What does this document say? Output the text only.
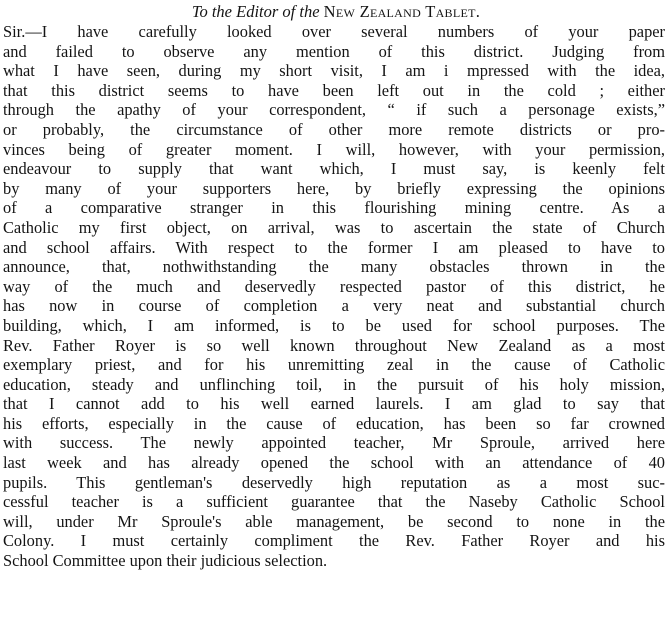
To the Editor of the New Zealand Tablet.
Sir.—I have carefully looked over several numbers of your paper
and failed to observe any mention of this district. Judging from
what I have seen, during my short visit, I am i mpressed with the idea,
that this district seems to have been left out in the cold ; either
through the apathy of your correspondent, “ if such a personage exists,”
or probably, the circumstance of other more remote districts or pro-
vinces being of greater moment. I will, however, with your permission,
endeavour to supply that want which, I must say, is keenly felt
by many of your supporters here, by briefly expressing the opinions
of a comparative stranger in this flourishing mining centre. As a
Catholic my first object, on arrival, was to ascertain the state of Church
and school affairs. With respect to the former I am pleased to have to
announce, that, nothwithstanding the many obstacles thrown in the
way of the much and deservedly respected pastor of this district, he
has now in course of completion a very neat and substantial church
building, which, I am informed, is to be used for school purposes. The
Rev. Father Royer is so well known throughout New Zealand as a most
exemplary priest, and for his unremitting zeal in the cause of Catholic
education, steady and unflinching toil, in the pursuit of his holy mission,
that I cannot add to his well earned laurels. I am glad to say that
his efforts, especially in the cause of education, has been so far crowned
with success. The newly appointed teacher, Mr Sproule, arrived here
last week and has already opened the school with an attendance of 40
pupils. This gentleman's deservedly high reputation as a most suc-
cessful teacher is a sufficient guarantee that the Naseby Catholic School
will, under Mr Sproule's able management, be second to none in the
Colony. I must certainly compliment the Rev. Father Royer and his
School Committee upon their judicious selection.
